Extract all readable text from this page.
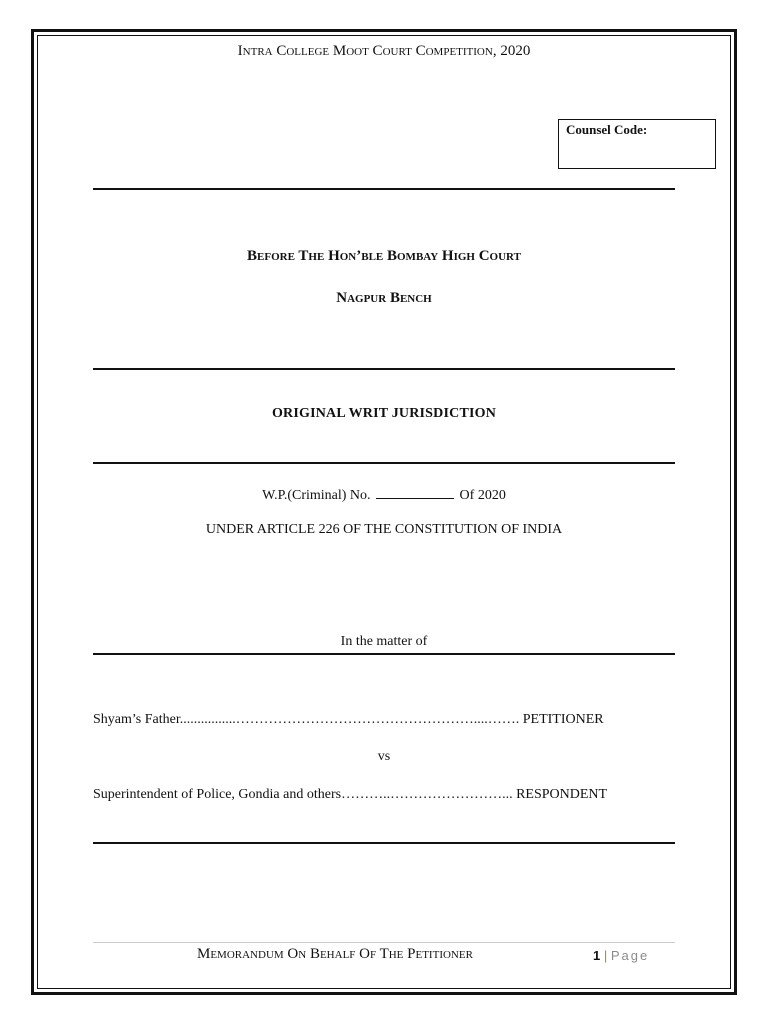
Intra College Moot Court Competition, 2020
Counsel Code:
Before The Hon’ble Bombay High Court
Nagpur Bench
ORIGINAL WRIT JURISDICTION
W.P.(Criminal) No.	Of 2020
UNDER ARTICLE 226 OF THE CONSTITUTION OF INDIA
In the matter of
Shyam’s Father................……………………………………………....……. PETITIONER
vs
Superintendent of Police, Gondia and others………..……………………... RESPONDENT
Memorandum On Behalf Of The Petitioner	1 | Page
